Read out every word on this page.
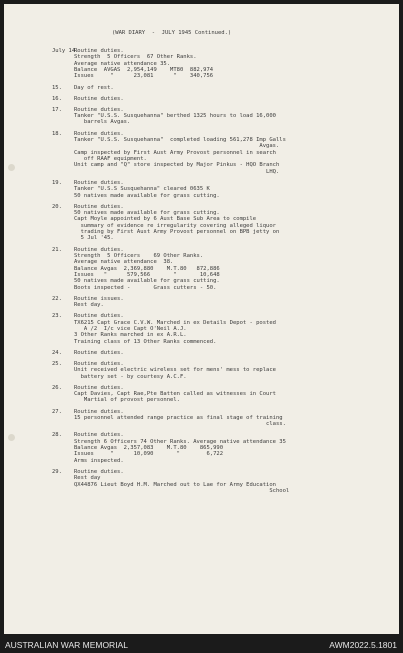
(WAR DIARY  -  JULY 1945 Continued.)
July 14.
Routine duties.
Strength  5 Officers  67 Other Ranks.
Average native attendance 35.
Balance  AVGAS  2,954,149    MT80  882,974
Issues     "      23,081      "    340,756
15.	Day of rest.
16.	Routine duties.
17.	Routine duties.
Tanker "U.S.S. Susquehanna" berthed 1325 hours to load 16,000
barrels Avgas.
18.	Routine duties.
Tanker "U.S.S. Susquehanna"  completed loading 561,278 Imp Galls
Avgas.
Camp inspected by First Aust Army Provost personnel in search
off RAAF equipment.
Unit camp and "Q" store inspected by Major Pinkus - HQO Branch
LHQ.
19.	Routine duties.
Tanker "U.S.S Susquehanna" cleared 0635 K
50 natives made available for grass cutting.
20.	Routine duties.
50 natives made available for grass cutting.
Capt Moyle appointed by 6 Aust Base Sub Area to compile
summary of evidence re irregularity covering alleged liquor
trading by First Aust Army Provost personnel on BPB jetty on
5 Jul '45.
21.	Routine duties.
Strength  5 Officers    69 Other Ranks.
Average native attendance  38.
Balance Avgas  2,369,880    M.T.80   872,886
Issues   "      579,566       "       10,648
50 natives made available for grass cutting.
Boots inspected -       Grass cutters - 50.
22.	Routine issues.
Rest day.
23.	Routine duties.
TX6215 Capt Grace C.V.W. Marched in ex Details Depot - posted
A /2  I/c vice Capt O'Neil A.J.
3 Other Ranks marched in ex A.R.L.
Training class of 13 Other Ranks commenced.
24.	Routine duties.
25.	Routine duties.
Unit received electric wireless set for mens' mess to replace
battery set - by courtesy A.C.F.
26.	Routine duties.
Capt Davies, Capt Rae,Pte Batten called as witnesses in Court
Martial of provost personnel.
27.	Routine duties.
15 personnel attended range practice as final stage of training
class.
28.	Routine duties.
Strength 6 Officers 74 Other Ranks. Average native attendance 35
Balance Avgas  2,357,083    M.T.80    865,990
Issues     "      10,090       "        6,722
Arms inspected.
29.	Routine duties.
Rest day
QX44876 Lieut Boyd H.M. Marched out to Lae for Army Education
School
AUSTRALIAN WAR MEMORIAL	AWM2022.5.1801
